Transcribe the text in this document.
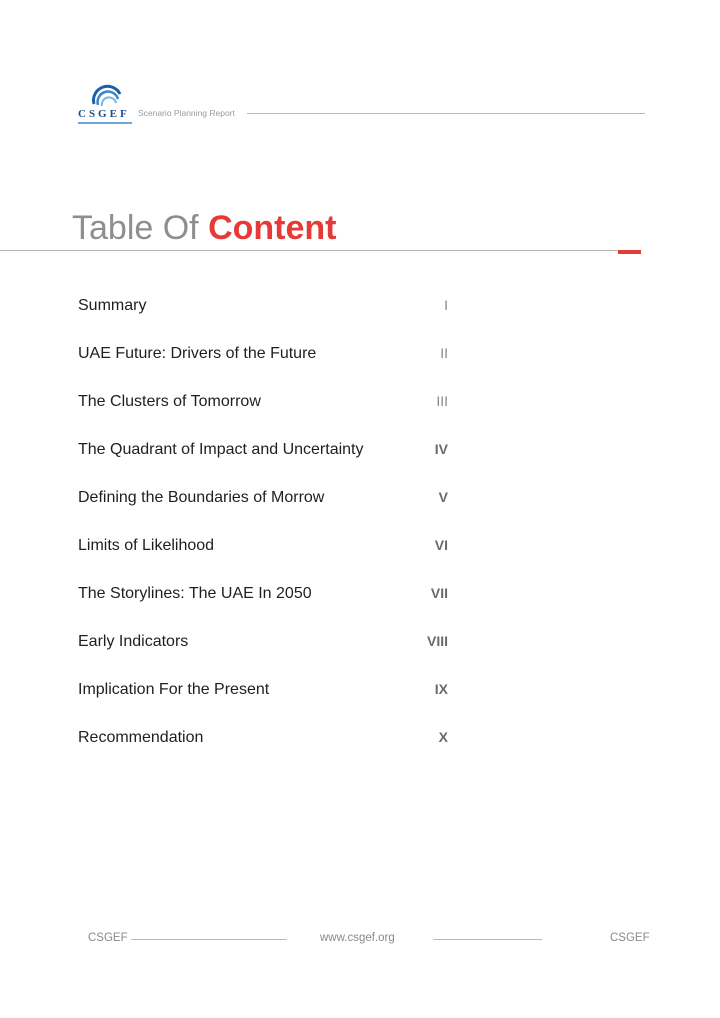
CSGEF Scenario Planning Report
Table Of Content
Summary	I
UAE Future: Drivers of the Future	II
The Clusters of Tomorrow	III
The Quadrant of Impact and Uncertainty	IV
Defining the Boundaries of Morrow	V
Limits of Likelihood	VI
The Storylines: The UAE In 2050	VII
Early Indicators	VIII
Implication For the Present	IX
Recommendation	X
CSGEF	www.csgef.org	CSGEF
